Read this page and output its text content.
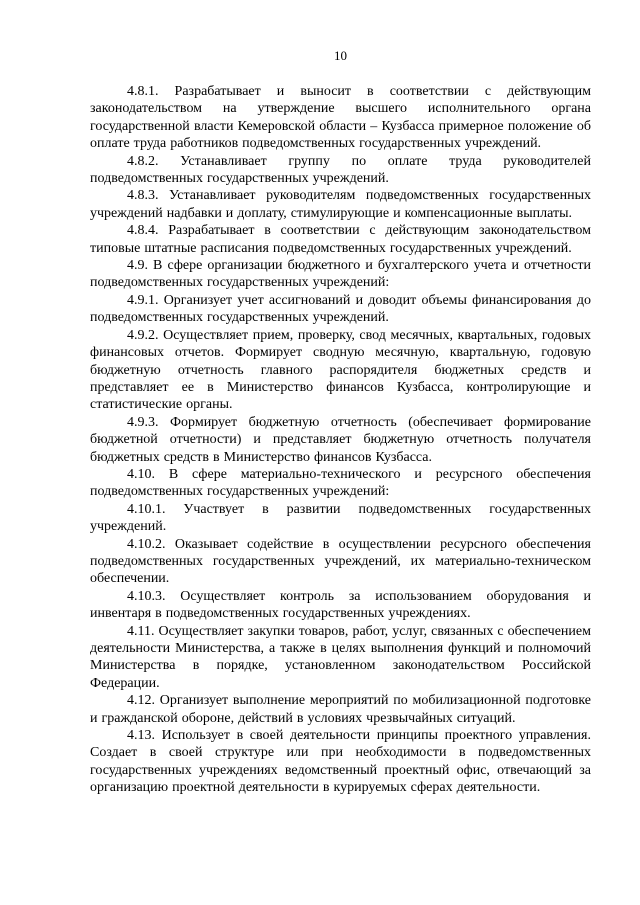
10

4.8.1. Разрабатывает и выносит в соответствии с действующим законодательством на утверждение высшего исполнительного органа государственной власти Кемеровской области – Кузбасса примерное положение об оплате труда работников подведомственных государственных учреждений.

4.8.2. Устанавливает группу по оплате труда руководителей подведомственных государственных учреждений.

4.8.3. Устанавливает руководителям подведомственных государственных учреждений надбавки и доплату, стимулирующие и компенсационные выплаты.

4.8.4. Разрабатывает в соответствии с действующим законодательством типовые штатные расписания подведомственных государственных учреждений.

4.9. В сфере организации бюджетного и бухгалтерского учета и отчетности подведомственных государственных учреждений:

4.9.1. Организует учет ассигнований и доводит объемы финансирования до подведомственных государственных учреждений.

4.9.2. Осуществляет прием, проверку, свод месячных, квартальных, годовых финансовых отчетов. Формирует сводную месячную, квартальную, годовую бюджетную отчетность главного распорядителя бюджетных средств и представляет ее в Министерство финансов Кузбасса, контролирующие и статистические органы.

4.9.3. Формирует бюджетную отчетность (обеспечивает формирование бюджетной отчетности) и представляет бюджетную отчетность получателя бюджетных средств в Министерство финансов Кузбасса.

4.10. В сфере материально-технического и ресурсного обеспечения подведомственных государственных учреждений:

4.10.1. Участвует в развитии подведомственных государственных учреждений.

4.10.2. Оказывает содействие в осуществлении ресурсного обеспечения подведомственных государственных учреждений, их материально-техническом обеспечении.

4.10.3. Осуществляет контроль за использованием оборудования и инвентаря в подведомственных государственных учреждениях.

4.11. Осуществляет закупки товаров, работ, услуг, связанных с обеспечением деятельности Министерства, а также в целях выполнения функций и полномочий Министерства в порядке, установленном законодательством Российской Федерации.

4.12. Организует выполнение мероприятий по мобилизационной подготовке и гражданской обороне, действий в условиях чрезвычайных ситуаций.

4.13. Использует в своей деятельности принципы проектного управления. Создает в своей структуре или при необходимости в подведомственных государственных учреждениях ведомственный проектный офис, отвечающий за организацию проектной деятельности в курируемых сферах деятельности.
